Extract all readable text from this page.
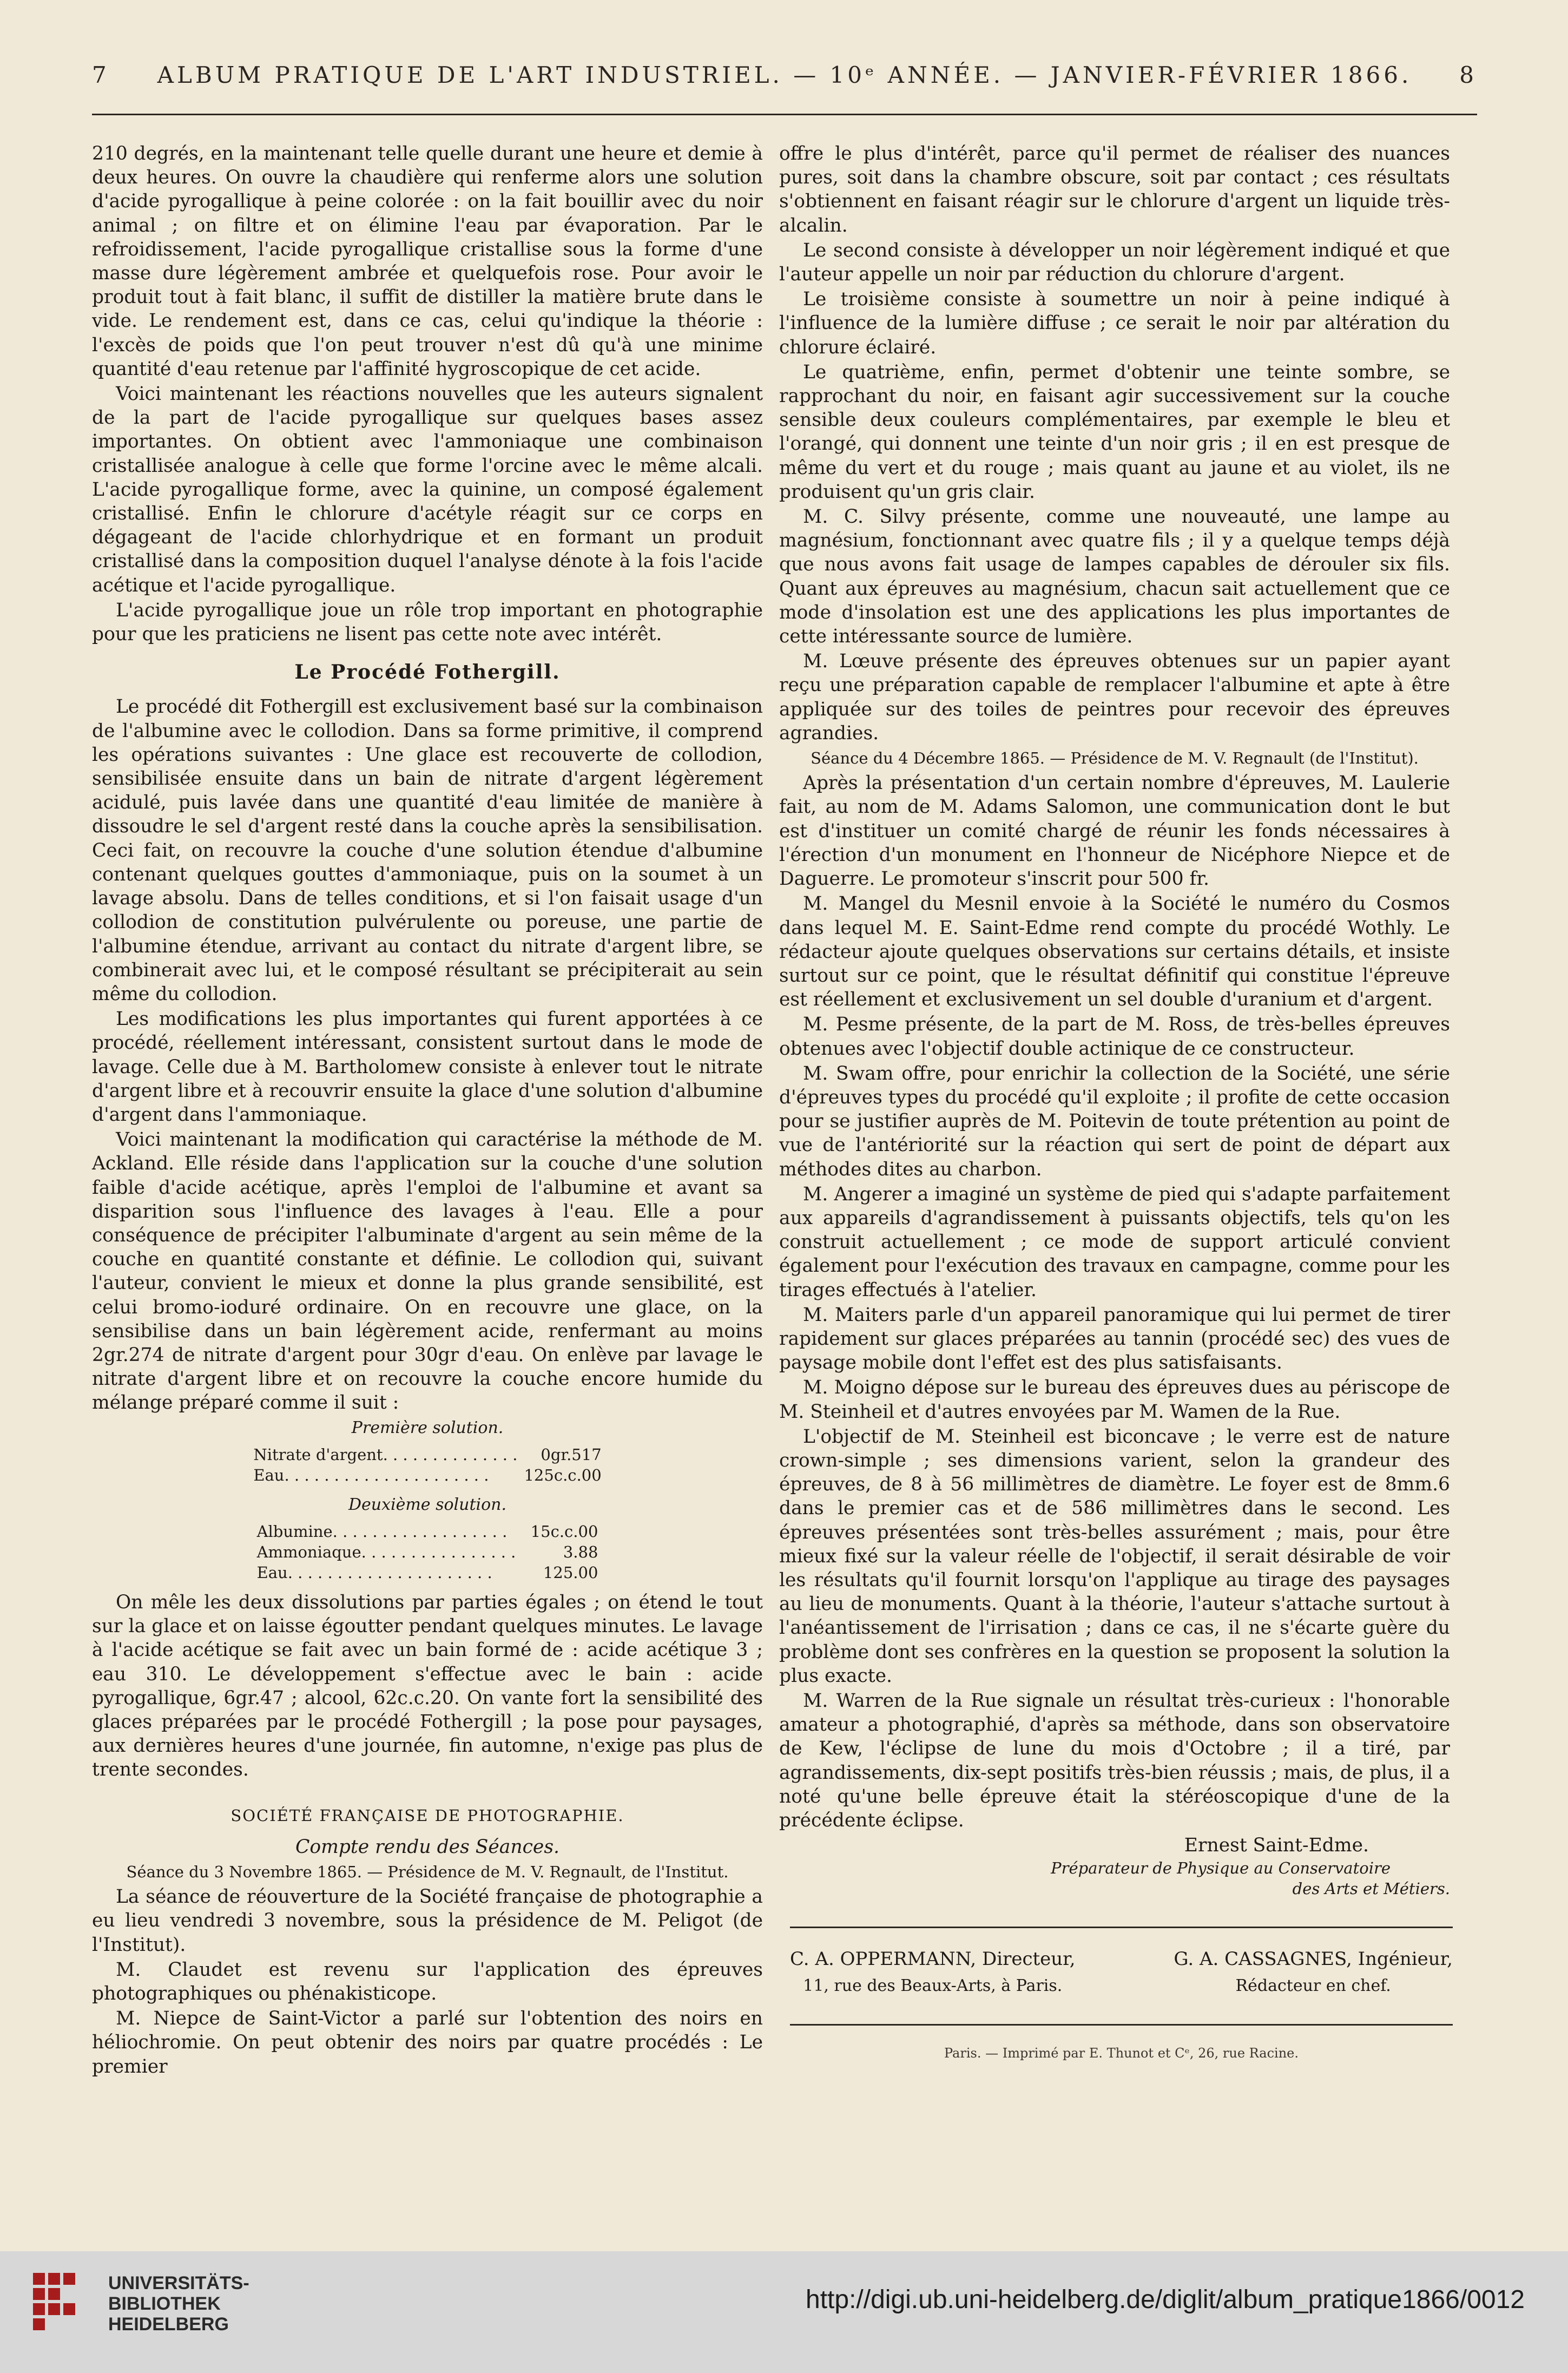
7 ALBUM PRATIQUE DE L'ART INDUSTRIEL. — 10ᵉ ANNÉE. — JANVIER-FÉVRIER 1866. 8

210 degrés, en la maintenant telle quelle durant une heure et demie à deux heures. On ouvre la chaudière qui renferme alors une solution d'acide pyrogallique à peine colorée : on la fait bouillir avec du noir animal ; on filtre et on élimine l'eau par évaporation. Par le refroidissement, l'acide pyrogallique cristallise sous la forme d'une masse dure légèrement ambrée et quelquefois rose. Pour avoir le produit tout à fait blanc, il suffit de distiller la matière brute dans le vide. Le rendement est, dans ce cas, celui qu'indique la théorie : l'excès de poids que l'on peut trouver n'est dû qu'à une minime quantité d'eau retenue par l'affinité hygroscopique de cet acide.

Voici maintenant les réactions nouvelles que les auteurs signalent de la part de l'acide pyrogallique sur quelques bases assez importantes. On obtient avec l'ammoniaque une combinaison cristallisée analogue à celle que forme l'orcine avec le même alcali. L'acide pyrogallique forme, avec la quinine, un composé également cristallisé. Enfin le chlorure d'acétyle réagit sur ce corps en dégageant de l'acide chlorhydrique et en formant un produit cristallisé dans la composition duquel l'analyse dénote à la fois l'acide acétique et l'acide pyrogallique.

L'acide pyrogallique joue un rôle trop important en photographie pour que les praticiens ne lisent pas cette note avec intérêt.

Le Procédé Fothergill.

Le procédé dit Fothergill est exclusivement basé sur la combinaison de l'albumine avec le collodion. Dans sa forme primitive, il comprend les opérations suivantes : Une glace est recouverte de collodion, sensibilisée ensuite dans un bain de nitrate d'argent légèrement acidulé, puis lavée dans une quantité d'eau limitée de manière à dissoudre le sel d'argent resté dans la couche après la sensibilisation. Ceci fait, on recouvre la couche d'une solution étendue d'albumine contenant quelques gouttes d'ammoniaque, puis on la soumet à un lavage absolu. Dans de telles conditions, et si l'on faisait usage d'un collodion de constitution pulvérulente ou poreuse, une partie de l'albumine étendue, arrivant au contact du nitrate d'argent libre, se combinerait avec lui, et le composé résultant se précipiterait au sein même du collodion.

Les modifications les plus importantes qui furent apportées à ce procédé, réellement intéressant, consistent surtout dans le mode de lavage. Celle due à M. Bartholomew consiste à enlever tout le nitrate d'argent libre et à recouvrir ensuite la glace d'une solution d'albumine d'argent dans l'ammoniaque.

Voici maintenant la modification qui caractérise la méthode de M. Ackland. Elle réside dans l'application sur la couche d'une solution faible d'acide acétique, après l'emploi de l'albumine et avant sa disparition sous l'influence des lavages à l'eau. Elle a pour conséquence de précipiter l'albuminate d'argent au sein même de la couche en quantité constante et définie. Le collodion qui, suivant l'auteur, convient le mieux et donne la plus grande sensibilité, est celui bromo-ioduré ordinaire. On en recouvre une glace, on la sensibilise dans un bain légèrement acide, renfermant au moins 2gr.274 de nitrate d'argent pour 30gr d'eau. On enlève par lavage le nitrate d'argent libre et on recouvre la couche encore humide du mélange préparé comme il suit :

Première solution.

Nitrate d'argent. . . . . . . . . . . . . .	0gr.517
Eau. . . . . . . . . . . . . . . . . . . . .	125c.c.00

Deuxième solution.

Albumine. . . . . . . . . . . . . . . . . .	15c.c.00
Ammoniaque. . . . . . . . . . . . . . . .	3.88
Eau. . . . . . . . . . . . . . . . . . . . .	125.00

On mêle les deux dissolutions par parties égales ; on étend le tout sur la glace et on laisse égoutter pendant quelques minutes. Le lavage à l'acide acétique se fait avec un bain formé de : acide acétique 3 ; eau 310. Le développement s'effectue avec le bain : acide pyrogallique, 6gr.47 ; alcool, 62c.c.20. On vante fort la sensibilité des glaces préparées par le procédé Fothergill ; la pose pour paysages, aux dernières heures d'une journée, fin automne, n'exige pas plus de trente secondes.

SOCIÉTÉ FRANÇAISE DE PHOTOGRAPHIE.

Compte rendu des Séances.

Séance du 3 Novembre 1865. — Présidence de M. V. Regnault, de l'Institut.

La séance de réouverture de la Société française de photographie a eu lieu vendredi 3 novembre, sous la présidence de M. Peligot (de l'Institut).

M. Claudet est revenu sur l'application des épreuves photographiques ou phénakisticope.

M. Niepce de Saint-Victor a parlé sur l'obtention des noirs en héliochromie. On peut obtenir des noirs par quatre procédés : Le premier

offre le plus d'intérêt, parce qu'il permet de réaliser des nuances pures, soit dans la chambre obscure, soit par contact ; ces résultats s'obtiennent en faisant réagir sur le chlorure d'argent un liquide très-alcalin.

Le second consiste à développer un noir légèrement indiqué et que l'auteur appelle un noir par réduction du chlorure d'argent.

Le troisième consiste à soumettre un noir à peine indiqué à l'influence de la lumière diffuse ; ce serait le noir par altération du chlorure éclairé.

Le quatrième, enfin, permet d'obtenir une teinte sombre, se rapprochant du noir, en faisant agir successivement sur la couche sensible deux couleurs complémentaires, par exemple le bleu et l'orangé, qui donnent une teinte d'un noir gris ; il en est presque de même du vert et du rouge ; mais quant au jaune et au violet, ils ne produisent qu'un gris clair.

M. C. Silvy présente, comme une nouveauté, une lampe au magnésium, fonctionnant avec quatre fils ; il y a quelque temps déjà que nous avons fait usage de lampes capables de dérouler six fils. Quant aux épreuves au magnésium, chacun sait actuellement que ce mode d'insolation est une des applications les plus importantes de cette intéressante source de lumière.

M. Lœuve présente des épreuves obtenues sur un papier ayant reçu une préparation capable de remplacer l'albumine et apte à être appliquée sur des toiles de peintres pour recevoir des épreuves agrandies.

Séance du 4 Décembre 1865. — Présidence de M. V. Regnault (de l'Institut).

Après la présentation d'un certain nombre d'épreuves, M. Laulerie fait, au nom de M. Adams Salomon, une communication dont le but est d'instituer un comité chargé de réunir les fonds nécessaires à l'érection d'un monument en l'honneur de Nicéphore Niepce et de Daguerre. Le promoteur s'inscrit pour 500 fr.

M. Mangel du Mesnil envoie à la Société le numéro du Cosmos dans lequel M. E. Saint-Edme rend compte du procédé Wothly. Le rédacteur ajoute quelques observations sur certains détails, et insiste surtout sur ce point, que le résultat définitif qui constitue l'épreuve est réellement et exclusivement un sel double d'uranium et d'argent.

M. Pesme présente, de la part de M. Ross, de très-belles épreuves obtenues avec l'objectif double actinique de ce constructeur.

M. Swam offre, pour enrichir la collection de la Société, une série d'épreuves types du procédé qu'il exploite ; il profite de cette occasion pour se justifier auprès de M. Poitevin de toute prétention au point de vue de l'antériorité sur la réaction qui sert de point de départ aux méthodes dites au charbon.

M. Angerer a imaginé un système de pied qui s'adapte parfaitement aux appareils d'agrandissement à puissants objectifs, tels qu'on les construit actuellement ; ce mode de support articulé convient également pour l'exécution des travaux en campagne, comme pour les tirages effectués à l'atelier.

M. Maiters parle d'un appareil panoramique qui lui permet de tirer rapidement sur glaces préparées au tannin (procédé sec) des vues de paysage mobile dont l'effet est des plus satisfaisants.

M. Moigno dépose sur le bureau des épreuves dues au périscope de M. Steinheil et d'autres envoyées par M. Wamen de la Rue.

L'objectif de M. Steinheil est biconcave ; le verre est de nature crown-simple ; ses dimensions varient, selon la grandeur des épreuves, de 8 à 56 millimètres de diamètre. Le foyer est de 8mm.6 dans le premier cas et de 586 millimètres dans le second. Les épreuves présentées sont très-belles assurément ; mais, pour être mieux fixé sur la valeur réelle de l'objectif, il serait désirable de voir les résultats qu'il fournit lorsqu'on l'applique au tirage des paysages au lieu de monuments. Quant à la théorie, l'auteur s'attache surtout à l'anéantissement de l'irrisation ; dans ce cas, il ne s'écarte guère du problème dont ses confrères en la question se proposent la solution la plus exacte.

M. Warren de la Rue signale un résultat très-curieux : l'honorable amateur a photographié, d'après sa méthode, dans son observatoire de Kew, l'éclipse de lune du mois d'Octobre ; il a tiré, par agrandissements, dix-sept positifs très-bien réussis ; mais, de plus, il a noté qu'une belle épreuve était la stéréoscopique d'une de la précédente éclipse.

Ernest Saint-Edme.

Préparateur de Physique au Conservatoire

des Arts et Métiers.

C. A. OPPERMANN, Directeur,
11, rue des Beaux-Arts, à Paris.
G. A. CASSAGNES, Ingénieur,
Rédacteur en chef.
Paris. — Imprimé par E. Thunot et Cᵉ, 26, rue Racine.
UNIVERSITÄTS-
BIBLIOTHEK
HEIDELBERG
http://digi.ub.uni-heidelberg.de/diglit/album_pratique1866/0012
